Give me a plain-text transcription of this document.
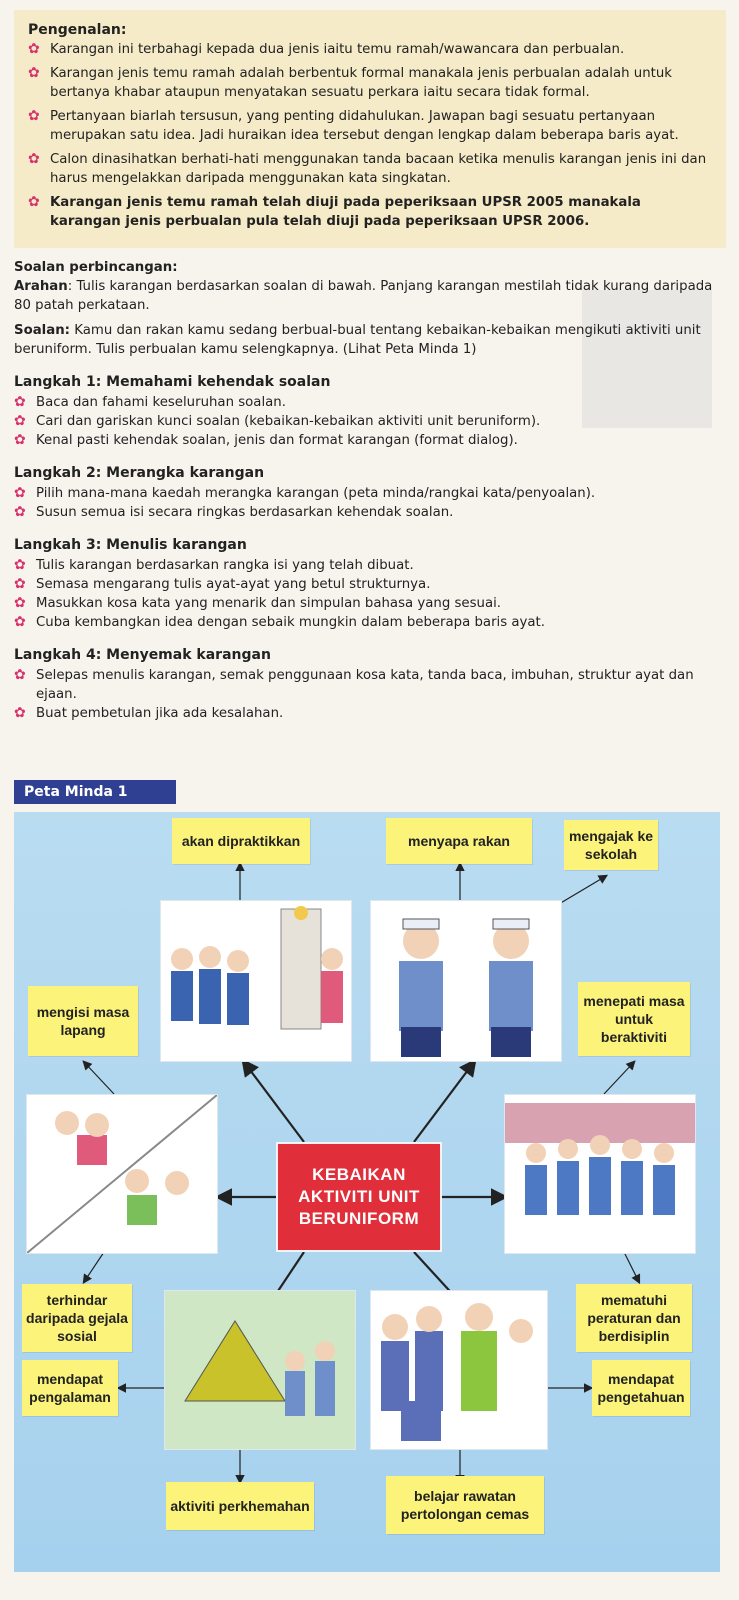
Pengenalan:
✿ Karangan ini terbahagi kepada dua jenis iaitu temu ramah/wawancara dan perbualan.
✿ Karangan jenis temu ramah adalah berbentuk formal manakala jenis perbualan adalah untuk bertanya khabar ataupun menyatakan sesuatu perkara iaitu secara tidak formal.
✿ Pertanyaan biarlah tersusun, yang penting didahulukan. Jawapan bagi sesuatu pertanyaan merupakan satu idea. Jadi huraikan idea tersebut dengan lengkap dalam beberapa baris ayat.
✿ Calon dinasihatkan berhati-hati menggunakan tanda bacaan ketika menulis karangan jenis ini dan harus mengelakkan daripada menggunakan kata singkatan.
✿ Karangan jenis temu ramah telah diuji pada peperiksaan UPSR 2005 manakala karangan jenis perbualan pula telah diuji pada peperiksaan UPSR 2006.

Soalan perbincangan:

Arahan: Tulis karangan berdasarkan soalan di bawah. Panjang karangan mestilah tidak kurang daripada 80 patah perkataan.

Soalan: Kamu dan rakan kamu sedang berbual-bual tentang kebaikan-kebaikan mengikuti aktiviti unit beruniform. Tulis perbualan kamu selengkapnya. (Lihat Peta Minda 1)

Langkah 1: Memahami kehendak soalan
✿ Baca dan fahami keseluruhan soalan.
✿ Cari dan gariskan kunci soalan (kebaikan-kebaikan aktiviti unit beruniform).
✿ Kenal pasti kehendak soalan, jenis dan format karangan (format dialog).
Langkah 2: Merangka karangan
✿ Pilih mana-mana kaedah merangka karangan (peta minda/rangkai kata/penyoalan).
✿ Susun semua isi secara ringkas berdasarkan kehendak soalan.
Langkah 3: Menulis karangan
✿ Tulis karangan berdasarkan rangka isi yang telah dibuat.
✿ Semasa mengarang tulis ayat-ayat yang betul strukturnya.
✿ Masukkan kosa kata yang menarik dan simpulan bahasa yang sesuai.
✿ Cuba kembangkan idea dengan sebaik mungkin dalam beberapa baris ayat.
Langkah 4: Menyemak karangan
✿ Selepas menulis karangan, semak penggunaan kosa kata, tanda baca, imbuhan, struktur ayat dan ejaan.
✿ Buat pembetulan jika ada kesalahan.
Peta Minda 1
KEBAIKAN AKTIVITI UNIT BERUNIFORM
akan dipraktikkan	menyapa rakan	mengajak ke sekolah
mengisi masa lapang
menepati masa untuk beraktiviti
terhindar daripada gejala sosial
mendapat pengalaman
mematuhi peraturan dan berdisiplin
mendapat pengetahuan
aktiviti perkhemahan
belajar rawatan pertolongan cemas
